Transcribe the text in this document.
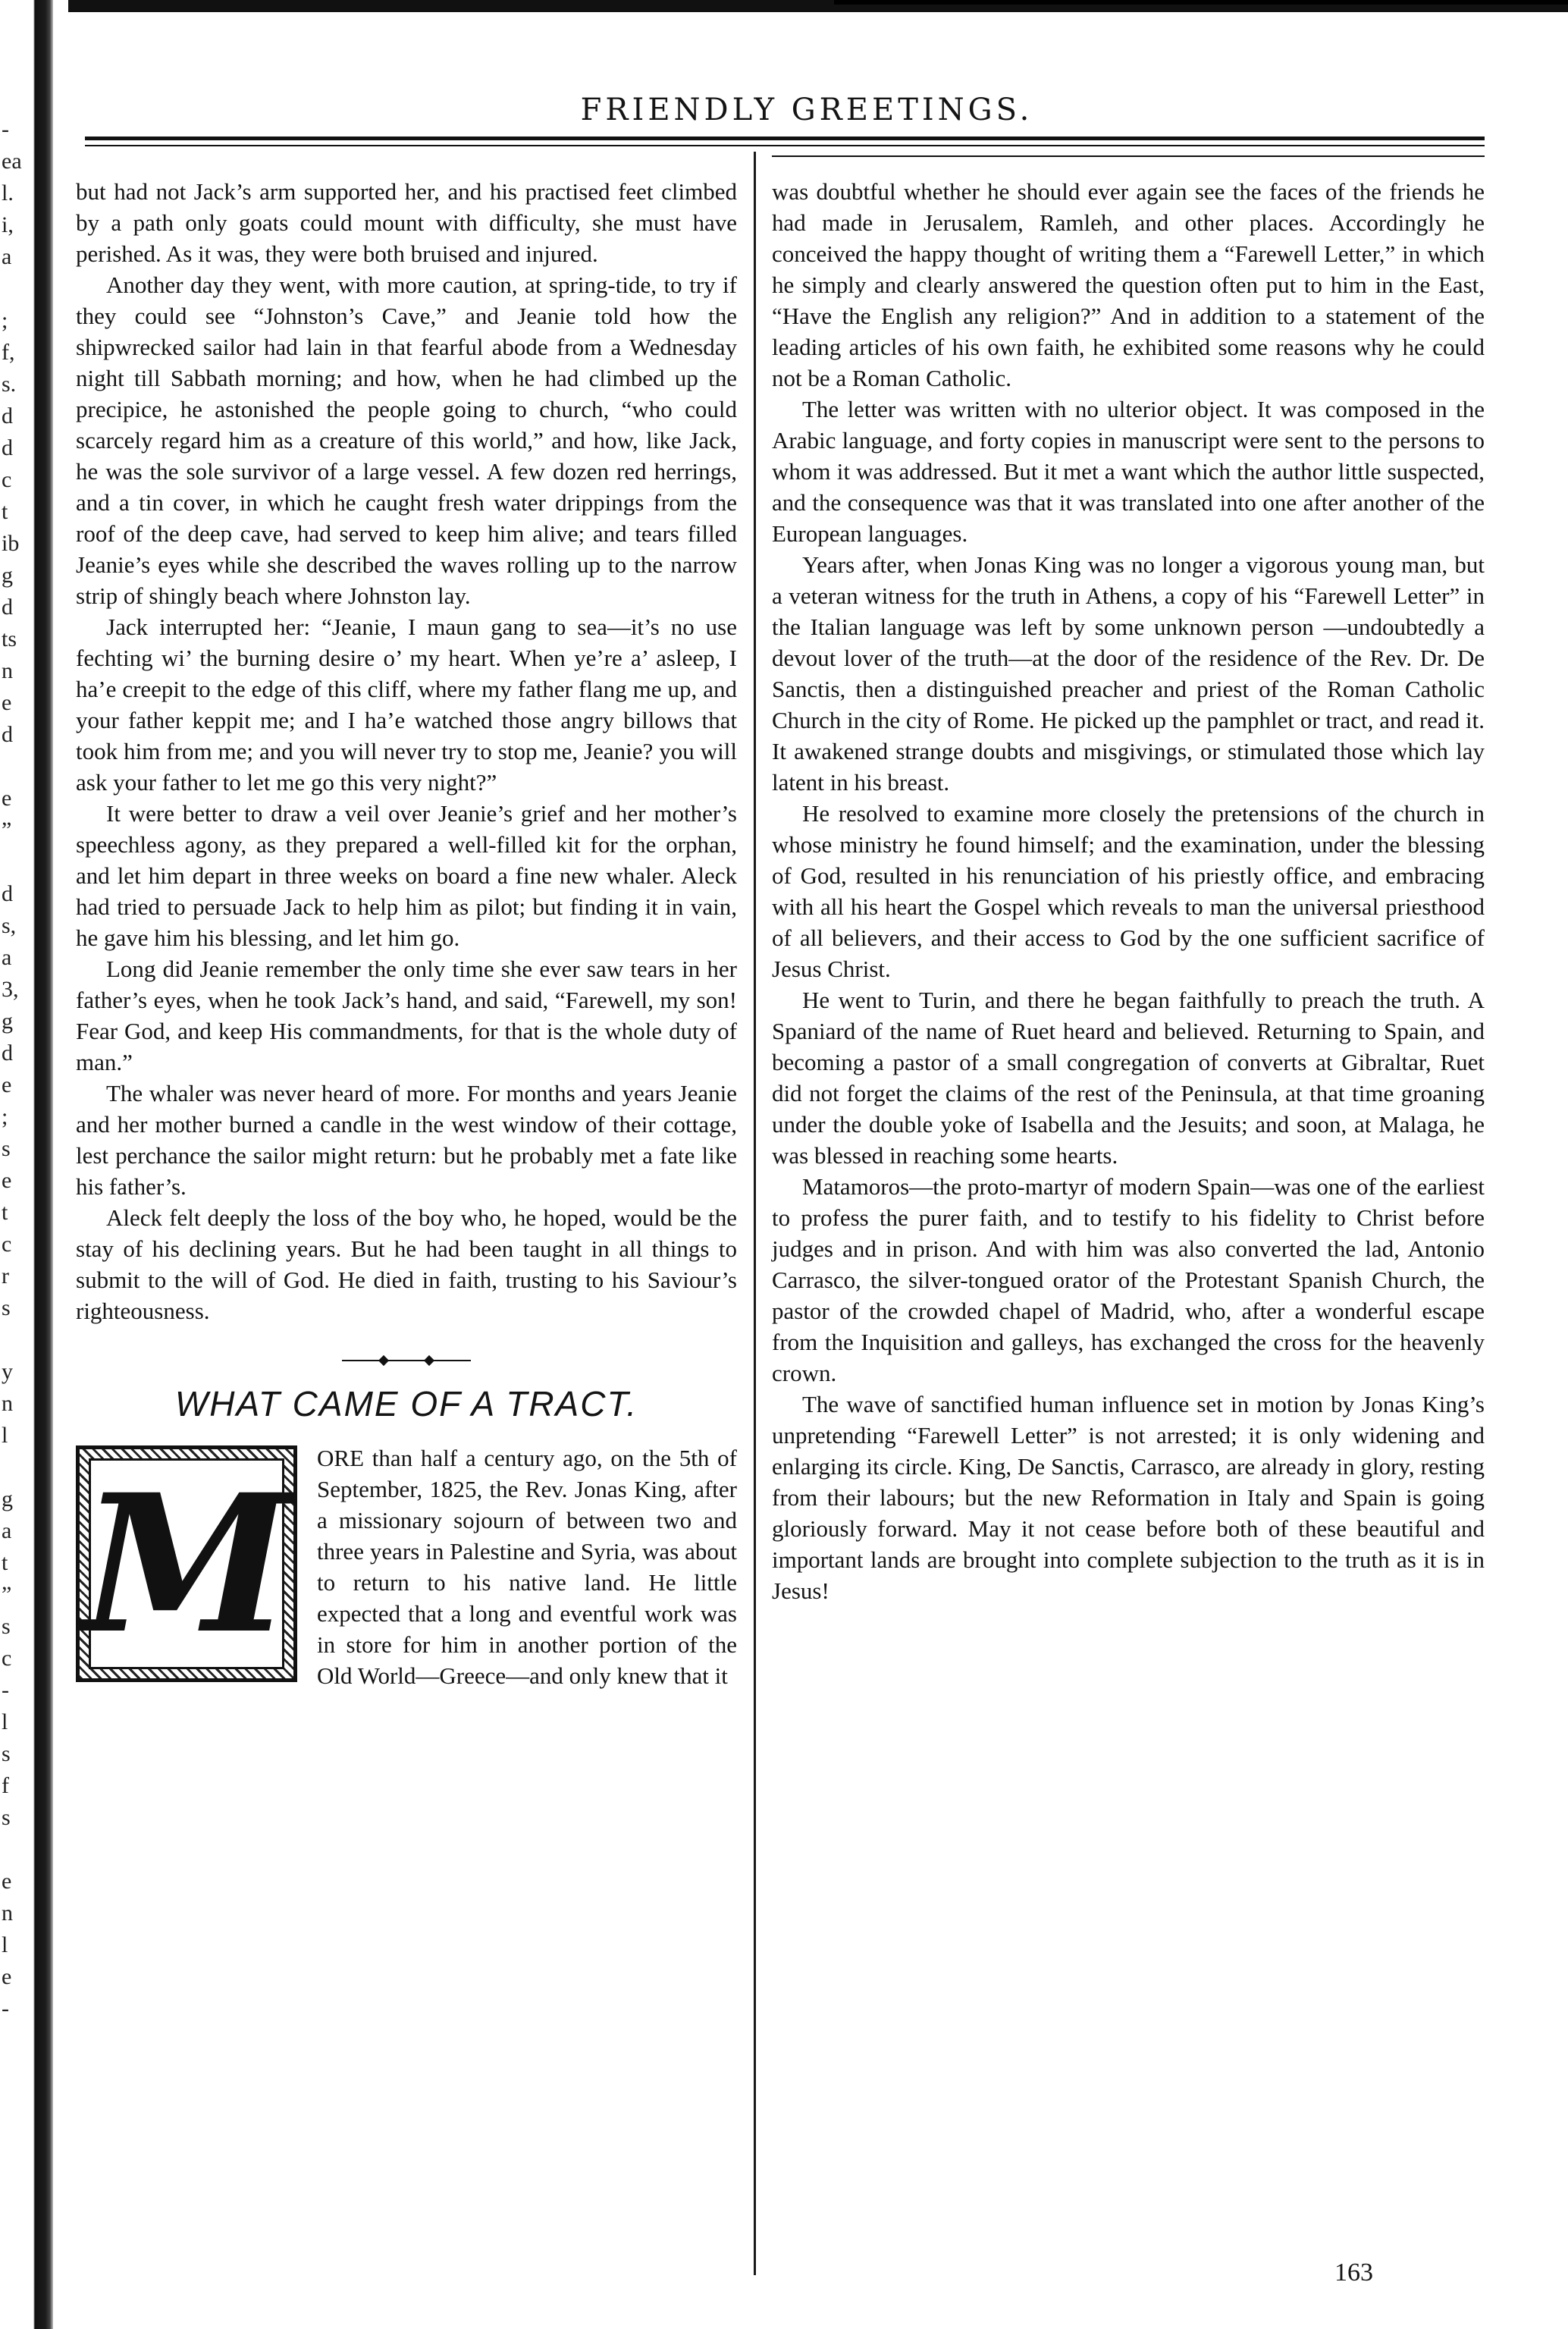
-
ea
l.
i,
a
;
f,
s.
d
d
c
t
ib
g
d
ts
n
e
d
e
”
d
s,
a
3,
g
d
e
;
s
e
t
c
r
s
y
n
l
g
a
t
”
s
c
-
l
s
f
s
e
n
l
e
-
FRIENDLY GREETINGS.

but had not Jack’s arm supported her, and his practised feet climbed by a path only goats could mount with difficulty, she must have perished. As it was, they were both bruised and injured.

Another day they went, with more caution, at spring-tide, to try if they could see “Johnston’s Cave,” and Jeanie told how the shipwrecked sailor had lain in that fearful abode from a Wednesday night till Sabbath morning; and how, when he had climbed up the precipice, he astonished the people going to church, “who could scarcely regard him as a creature of this world,” and how, like Jack, he was the sole survivor of a large vessel. A few dozen red herrings, and a tin cover, in which he caught fresh water drippings from the roof of the deep cave, had served to keep him alive; and tears filled Jeanie’s eyes while she described the waves rolling up to the narrow strip of shingly beach where Johnston lay.

Jack interrupted her: “Jeanie, I maun gang to sea—it’s no use fechting wi’ the burning desire o’ my heart. When ye’re a’ asleep, I ha’e creepit to the edge of this cliff, where my father flang me up, and your father keppit me; and I ha’e watched those angry billows that took him from me; and you will never try to stop me, Jeanie? you will ask your father to let me go this very night?”

It were better to draw a veil over Jeanie’s grief and her mother’s speechless agony, as they prepared a well-filled kit for the orphan, and let him depart in three weeks on board a fine new whaler. Aleck had tried to persuade Jack to help him as pilot; but finding it in vain, he gave him his blessing, and let him go.

Long did Jeanie remember the only time she ever saw tears in her father’s eyes, when he took Jack’s hand, and said, “Farewell, my son! Fear God, and keep His commandments, for that is the whole duty of man.”

The whaler was never heard of more. For months and years Jeanie and her mother burned a candle in the west window of their cottage, lest perchance the sailor might return: but he probably met a fate like his father’s.

Aleck felt deeply the loss of the boy who, he hoped, would be the stay of his declining years. But he had been taught in all things to submit to the will of God. He died in faith, trusting to his Saviour’s righteousness.

WHAT CAME OF A TRACT.
M	ORE than half a century ago, on the 5th of September, 1825, the Rev. Jonas King, after a missionary sojourn of between two and three years in Palestine and Syria, was about to return to his native land. He little expected that a long and eventful work was in store for him in another portion of the Old World—Greece—and only knew that it

was doubtful whether he should ever again see the faces of the friends he had made in Jerusalem, Ramleh, and other places. Accordingly he conceived the happy thought of writing them a “Farewell Letter,” in which he simply and clearly answered the question often put to him in the East, “Have the English any religion?” And in addition to a statement of the leading articles of his own faith, he exhibited some reasons why he could not be a Roman Catholic.

The letter was written with no ulterior object. It was composed in the Arabic language, and forty copies in manuscript were sent to the persons to whom it was addressed. But it met a want which the author little suspected, and the consequence was that it was translated into one after another of the European languages.

Years after, when Jonas King was no longer a vigorous young man, but a veteran witness for the truth in Athens, a copy of his “Farewell Letter” in the Italian language was left by some unknown person —undoubtedly a devout lover of the truth—at the door of the residence of the Rev. Dr. De Sanctis, then a distinguished preacher and priest of the Roman Catholic Church in the city of Rome. He picked up the pamphlet or tract, and read it. It awakened strange doubts and misgivings, or stimulated those which lay latent in his breast.

He resolved to examine more closely the pretensions of the church in whose ministry he found himself; and the examination, under the blessing of God, resulted in his renunciation of his priestly office, and embracing with all his heart the Gospel which reveals to man the universal priesthood of all believers, and their access to God by the one sufficient sacrifice of Jesus Christ.

He went to Turin, and there he began faithfully to preach the truth. A Spaniard of the name of Ruet heard and believed. Returning to Spain, and becoming a pastor of a small congregation of converts at Gibraltar, Ruet did not forget the claims of the rest of the Peninsula, at that time groaning under the double yoke of Isabella and the Jesuits; and soon, at Malaga, he was blessed in reaching some hearts.

Matamoros—the proto-martyr of modern Spain—was one of the earliest to profess the purer faith, and to testify to his fidelity to Christ before judges and in prison. And with him was also converted the lad, Antonio Carrasco, the silver-tongued orator of the Protestant Spanish Church, the pastor of the crowded chapel of Madrid, who, after a wonderful escape from the Inquisition and galleys, has exchanged the cross for the heavenly crown.

The wave of sanctified human influence set in motion by Jonas King’s unpretending “Farewell Letter” is not arrested; it is only widening and enlarging its circle. King, De Sanctis, Carrasco, are already in glory, resting from their labours; but the new Reformation in Italy and Spain is going gloriously forward. May it not cease before both of these beautiful and important lands are brought into complete subjection to the truth as it is in Jesus!

163
